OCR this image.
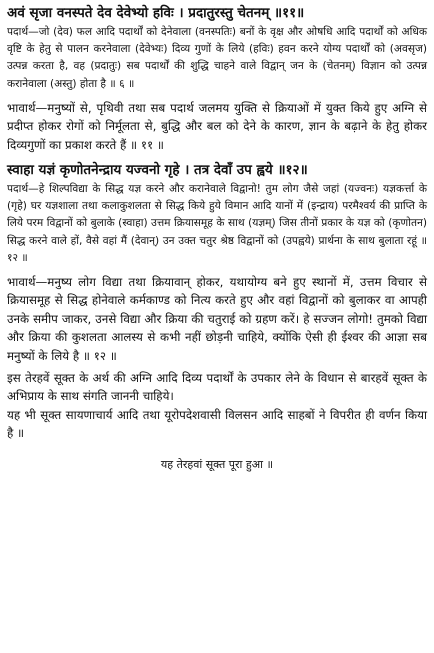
अवं सृजा वनस्पते देव देवेभ्यो हविः । प्रदातुरस्तु चेतनम् ॥११॥

पदार्थ—जो (देव) फल आदि पदार्थों को देनेवाला (वनस्पतिः) बनों के वृक्ष और ओषधि आदि पदार्थों को अधिक वृष्टि के हेतु से पालन करनेवाला (देवेभ्यः) दिव्य गुणों के लिये (हविः) हवन करने योग्य पदार्थों को (अवसृज) उत्पन्न करता है, वह (प्रदातुः) सब पदार्थों की शुद्धि चाहने वाले विद्वान् जन के (चेतनम्) विज्ञान को उत्पन्न करानेवाला (अस्तु) होता है ॥ ६ ॥

भावार्थ—मनुष्यों से, पृथिवी तथा सब पदार्थ जलमय युक्ति से क्रियाओं में युक्त किये हुए अग्नि से प्रदीप्त होकर रोगों को निर्मूलता से, बुद्धि और बल को देने के कारण, ज्ञान के बढ़ाने के हेतु होकर दिव्यगुणों का प्रकाश करते हैं ॥ ११ ॥

स्वाहा यज्ञं कृणोतनेन्द्राय यज्वनो गृहे । तत्र देवाँ उप ह्वये ॥१२॥

पदार्थ—हे शिल्पविद्या के सिद्ध यज्ञ करने और करानेवाले विद्वानो! तुम लोग जैसे जहां (यज्वनः) यज्ञकर्त्ता के (गृहे) घर यज्ञशाला तथा कलाकुशलता से सिद्ध किये हुये विमान आदि यानों में (इन्द्राय) परमैश्वर्य की प्राप्ति के लिये परम विद्वानों को बुलाके (स्वाहा) उत्तम क्रियासमूह के साथ (यज्ञम्) जिस तीनों प्रकार के यज्ञ को (कृणोतन) सिद्ध करने वाले हों, वैसे वहां मैं (देवान्) उन उक्त चतुर श्रेष्ठ विद्वानों को (उपह्वये) प्रार्थना के साथ बुलाता रहूं ॥ १२ ॥

भावार्थ—मनुष्य लोग विद्या तथा क्रियावान् होकर, यथायोग्य बने हुए स्थानों में, उत्तम विचार से क्रियासमूह से सिद्ध होनेवाले कर्मकाण्ड को नित्य करते हुए और वहां विद्वानों को बुलाकर वा आपही उनके समीप जाकर, उनसे विद्या और क्रिया की चतुराई को ग्रहण करें। हे सज्जन लोगो! तुमको विद्या और क्रिया की कुशलता आलस्य से कभी नहीं छोड़नी चाहिये, क्योंकि ऐसी ही ईश्वर की आज्ञा सब मनुष्यों के लिये है ॥ १२ ॥

इस तेरहवें सूक्त के अर्थ की अग्नि आदि दिव्य पदार्थों के उपकार लेने के विधान से बारहवें सूक्त के अभिप्राय के साथ संगति जाननी चाहिये।

यह भी सूक्त सायणाचार्य आदि तथा यूरोपदेशवासी विलसन आदि साहबों ने विपरीत ही वर्णन किया है ॥

यह तेरहवां सूक्त पूरा हुआ ॥
